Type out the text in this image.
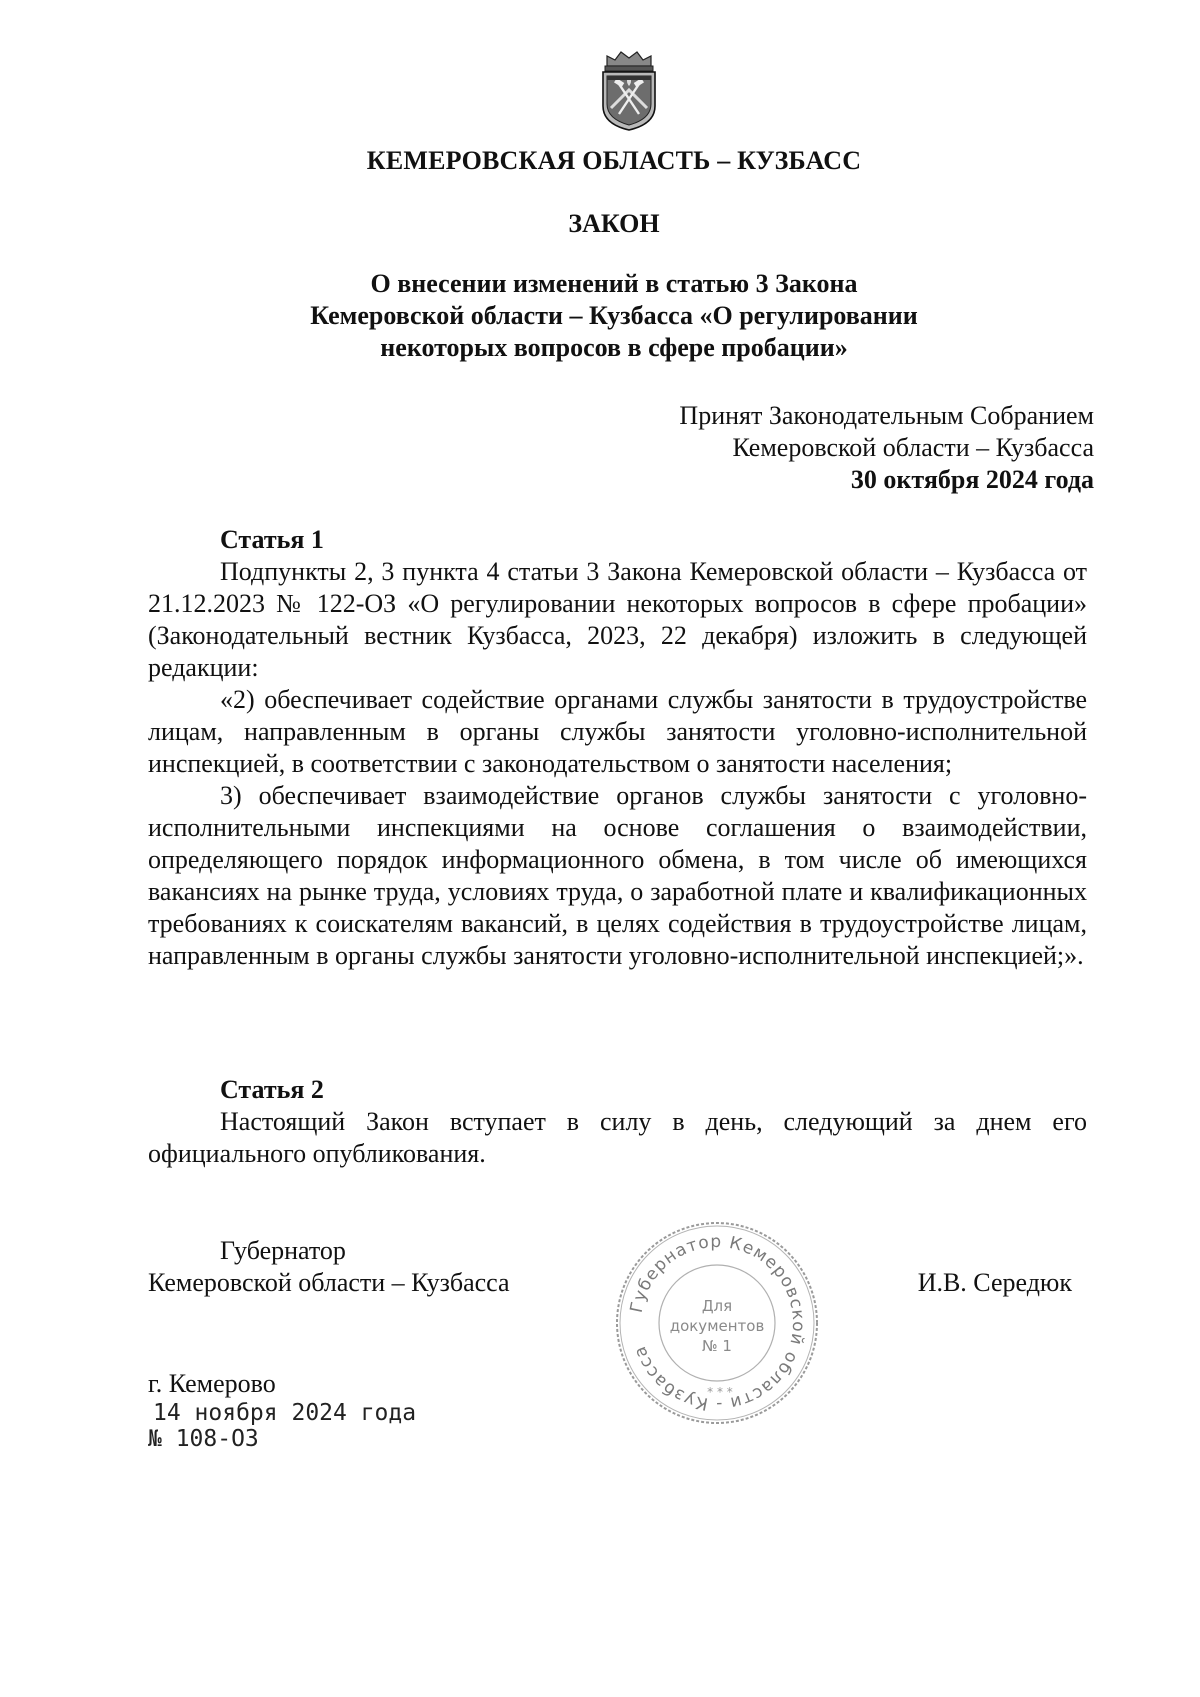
КЕМЕРОВСКАЯ ОБЛАСТЬ – КУЗБАСС
ЗАКОН
О внесении изменений в статью 3 Закона
Кемеровской области – Кузбасса «О регулировании
некоторых вопросов в сфере пробации»
Принят Законодательным Собранием
Кемеровской области – Кузбасса
30 октября 2024 года

Статья 1

Подпункты 2, 3 пункта 4 статьи 3 Закона Кемеровской области – Кузбасса от 21.12.2023 № 122-ОЗ «О регулировании некоторых вопросов в сфере пробации» (Законодательный вестник Кузбасса, 2023, 22 декабря) изложить в следующей редакции:

«2) обеспечивает содействие органами службы занятости в трудоустройстве лицам, направленным в органы службы занятости уголовно-исполнительной инспекцией, в соответствии с законодательством о занятости населения;

3) обеспечивает взаимодействие органов службы занятости с уголовно-исполнительными инспекциями на основе соглашения о взаимодействии, определяющего порядок информационного обмена, в том числе об имеющихся вакансиях на рынке труда, условиях труда, о заработной плате и квалификационных требованиях к соискателям вакансий, в целях содействия в трудоустройстве лицам, направленным в органы службы занятости уголовно-исполнительной инспекцией;».

Статья 2

Настоящий Закон вступает в силу в день, следующий за днем его официального опубликования.

Губернатор
Кемеровской области – Кузбасса
Губернатор Кемеровской области - Кузбасса
Для
документов
№ 1
* * *
И.В. Середюк
г. Кемерово
14 ноября 2024 года
№ 108-ОЗ
